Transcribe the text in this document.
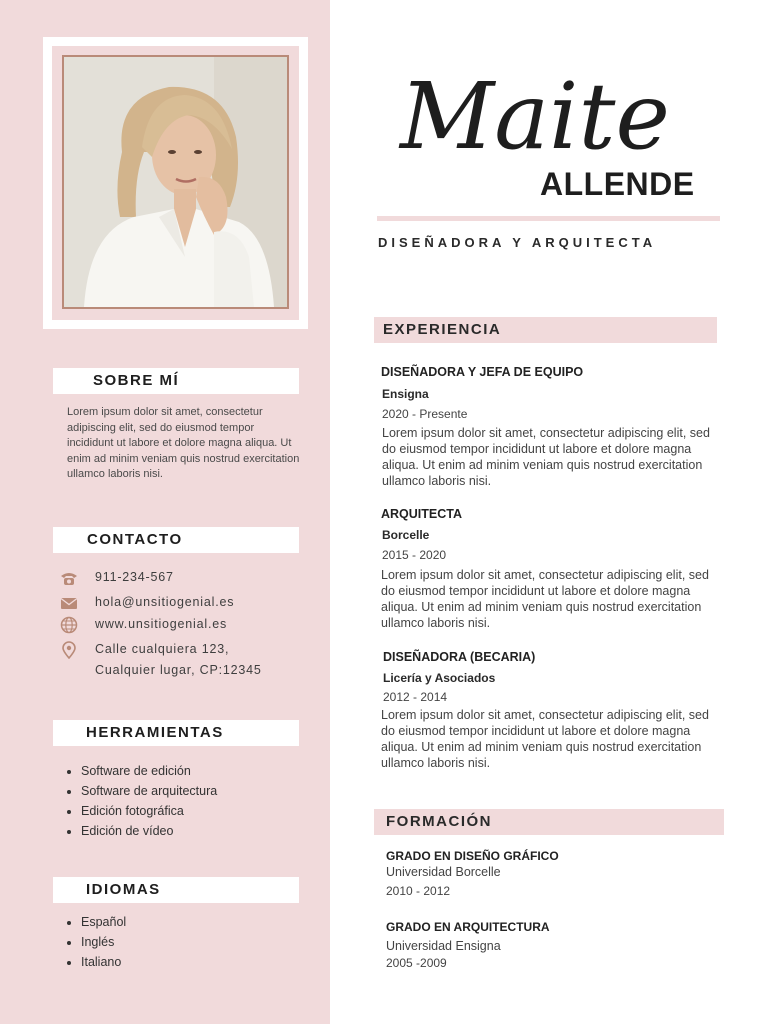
SOBRE MÍ
Lorem ipsum dolor sit amet, consectetur adipiscing elit, sed do eiusmod tempor incididunt ut labore et dolore magna aliqua. Ut enim ad minim veniam quis nostrud exercitation ullamco laboris nisi.
CONTACTO
911-234-567
hola@unsitiogenial.es
www.unsitiogenial.es
Calle cualquiera 123,
Cualquier lugar, CP:12345
HERRAMIENTAS
• Software de edición
• Software de arquitectura
• Edición fotográfica
• Edición de vídeo
IDIOMAS
• Español
• Inglés
• Italiano
Maite
ALLENDE
DISEÑADORA Y ARQUITECTA
EXPERIENCIA
DISEÑADORA Y JEFA DE EQUIPO
Ensigna
2020 - Presente
Lorem ipsum dolor sit amet, consectetur adipiscing elit, sed do eiusmod tempor incididunt ut labore et dolore magna aliqua. Ut enim ad minim veniam quis nostrud exercitation ullamco laboris nisi.
ARQUITECTA
Borcelle
2015 - 2020
Lorem ipsum dolor sit amet, consectetur adipiscing elit, sed do eiusmod tempor incididunt ut labore et dolore magna aliqua. Ut enim ad minim veniam quis nostrud exercitation ullamco laboris nisi.
DISEÑADORA (BECARIA)
Licería y Asociados
2012 - 2014
Lorem ipsum dolor sit amet, consectetur adipiscing elit, sed do eiusmod tempor incididunt ut labore et dolore magna aliqua. Ut enim ad minim veniam quis nostrud exercitation ullamco laboris nisi.
FORMACIÓN
GRADO EN DISEÑO GRÁFICO
Universidad Borcelle
2010 - 2012
GRADO EN ARQUITECTURA
Universidad Ensigna
2005 -2009
